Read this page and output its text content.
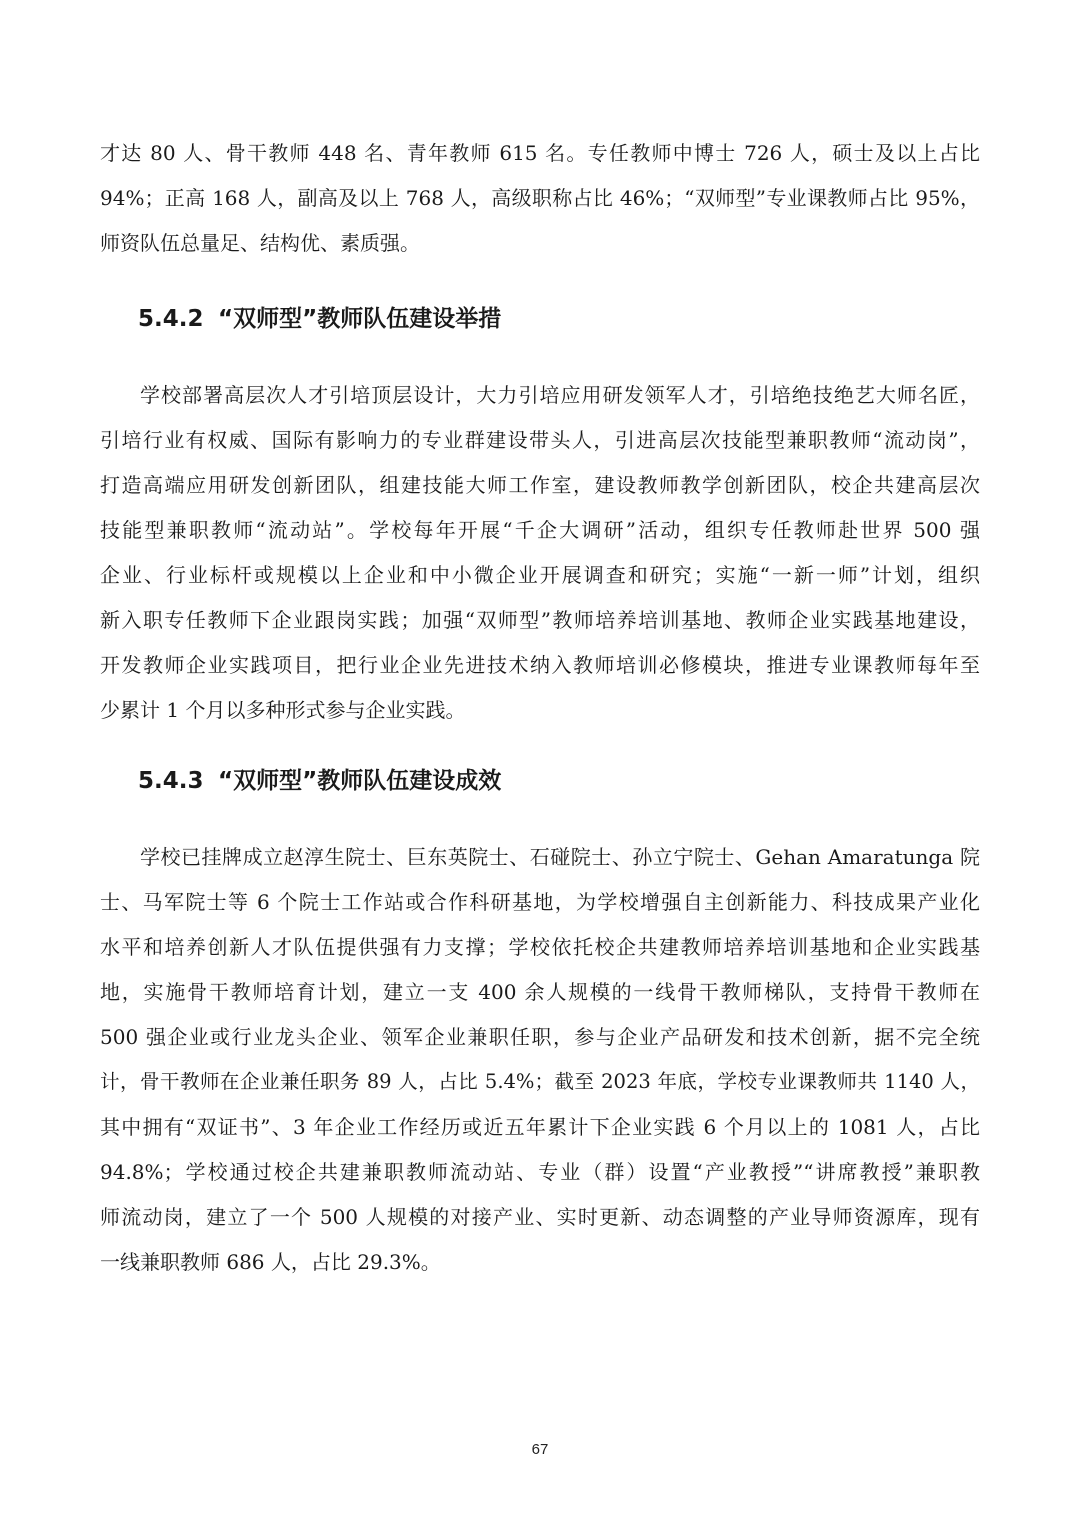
才达 80 人、骨干教师 448 名、青年教师 615 名。专任教师中博士 726 人，硕士及以上占比
94%；正高 168 人，副高及以上 768 人，高级职称占比 46%；“双师型”专业课教师占比 95%，
师资队伍总量足、结构优、素质强。
5.4.2 “双师型”教师队伍建设举措
学校部署高层次人才引培顶层设计，大力引培应用研发领军人才，引培绝技绝艺大师名匠，
引培行业有权威、国际有影响力的专业群建设带头人，引进高层次技能型兼职教师“流动岗”，
打造高端应用研发创新团队，组建技能大师工作室，建设教师教学创新团队，校企共建高层次
技能型兼职教师“流动站”。学校每年开展“千企大调研”活动，组织专任教师赴世界 500 强
企业、行业标杆或规模以上企业和中小微企业开展调查和研究；实施“一新一师”计划，组织
新入职专任教师下企业跟岗实践；加强“双师型”教师培养培训基地、教师企业实践基地建设，
开发教师企业实践项目，把行业企业先进技术纳入教师培训必修模块，推进专业课教师每年至
少累计 1 个月以多种形式参与企业实践。
5.4.3 “双师型”教师队伍建设成效
学校已挂牌成立赵淳生院士、巨东英院士、石碰院士、孙立宁院士、Gehan Amaratunga 院
士、马军院士等 6 个院士工作站或合作科研基地，为学校增强自主创新能力、科技成果产业化
水平和培养创新人才队伍提供强有力支撑；学校依托校企共建教师培养培训基地和企业实践基
地，实施骨干教师培育计划，建立一支 400 余人规模的一线骨干教师梯队，支持骨干教师在
500 强企业或行业龙头企业、领军企业兼职任职，参与企业产品研发和技术创新，据不完全统
计，骨干教师在企业兼任职务 89 人，占比 5.4%；截至 2023 年底，学校专业课教师共 1140 人，
其中拥有“双证书”、3 年企业工作经历或近五年累计下企业实践 6 个月以上的 1081 人，占比
94.8%；学校通过校企共建兼职教师流动站、专业（群）设置“产业教授”“讲席教授”兼职教
师流动岗，建立了一个 500 人规模的对接产业、实时更新、动态调整的产业导师资源库，现有
一线兼职教师 686 人，占比 29.3%。
67
